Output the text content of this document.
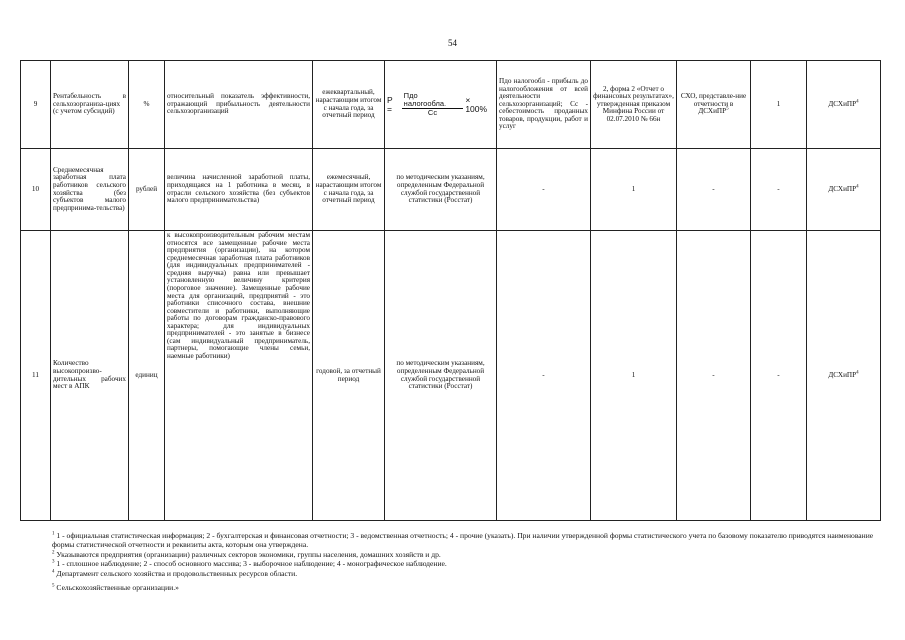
54
9	Рентабельность в сельхозорганиза-циях (с учетом субсидий)	%	относительный показатель эффективности, отражающий прибыльность деятельности сельхозорганизаций	ежеквартальный, нарастающим итогом с начала года, за отчетный период	$P = \frac{\text{Пдо налогообла.}}{Сс} \times 100\%$	Пдо налогообл - прибыль до налогообложения от всей деятельности сельхозорганизаций; Сс - себестоимость проданных товаров, продукции, работ и услуг	2, форма 2 «Отчет о финансовых результатах», утвержденная приказом Минфина России от 02.07.2010 № 66н	СХО, представле-ние отчетности в ДСХиПР$^5$	1	ДСХиПР$^4$
10	Среднемесячная заработная плата работников сельского хозяйства (без субъектов малого предпринима-тельства)	рублей	величина начисленной заработной платы, приходящаяся на 1 работника в месяц, в отрасли сельского хозяйства (без субъектов малого предпринимательства)	ежемесячный, нарастающим итогом с начала года, за отчетный период	по методическим указаниям, определенным Федеральной службой государственной статистики (Росстат)	-	1	-	-	ДСХиПР$^4$
11	Количество высокопроизво-дительных рабочих мест в АПК	единиц	к высокопроизводительным рабочим местам относятся все замещенные рабочие места предприятия (организации), на котором среднемесячная заработная плата работников (для индивидуальных предпринимателей - средняя выручка) равна или превышает установленную величину критерия (пороговое значение). Замещенные рабочие места для организаций, предприятий - это работники списочного состава, внешние совместители и работники, выполняющие работы по договорам гражданско-правового характера; для индивидуальных предпринимателей - это занятые в бизнесе (сам индивидуальный предприниматель, партнеры, помогающие члены семьи, наемные работники)	годовой, за отчетный период	по методическим указаниям, определенным Федеральной службой государственной статистики (Росстат)	-	1	-	-	ДСХиПР$^4$

$^1$ 1 - официальная статистическая информация; 2 - бухгалтерская и финансовая отчетности; 3 - ведомственная отчетность; 4 - прочие (указать). При наличии утвержденной формы статистического учета по базовому показателю приводятся наименование формы статистической отчетности и реквизиты акта, которым она утверждена.

$^2$ Указываются предприятия (организации) различных секторов экономики, группы населения, домашних хозяйств и др.

$^3$ 1 - сплошное наблюдение; 2 - способ основного массива; 3 - выборочное наблюдение; 4 - монографическое наблюдение.

$^4$ Департамент сельского хозяйства и продовольственных ресурсов области.

$^5$ Сельскохозяйственные организации.»
